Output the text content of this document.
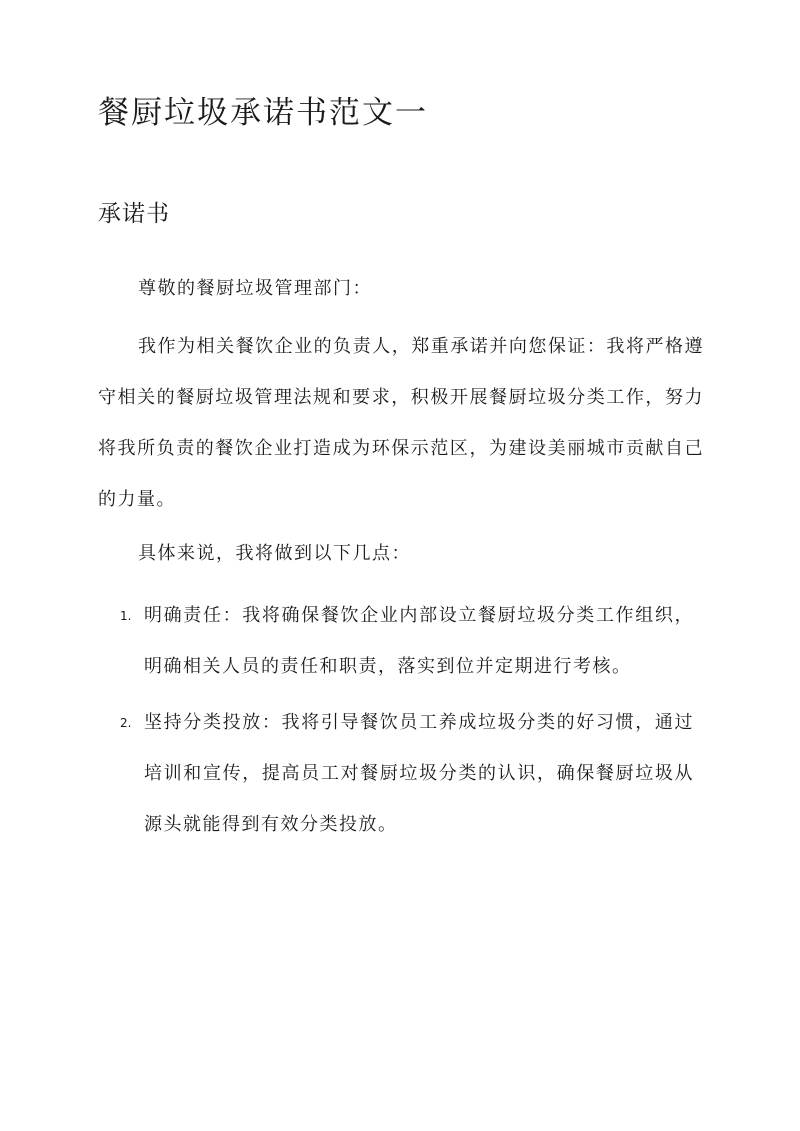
餐厨垃圾承诺书范文一
承诺书

尊敬的餐厨垃圾管理部门：

我作为相关餐饮企业的负责人，郑重承诺并向您保证：我将严格遵守相关的餐厨垃圾管理法规和要求，积极开展餐厨垃圾分类工作，努力将我所负责的餐饮企业打造成为环保示范区，为建设美丽城市贡献自己的力量。

具体来说，我将做到以下几点：

1. 明确责任：我将确保餐饮企业内部设立餐厨垃圾分类工作组织，明确相关人员的责任和职责，落实到位并定期进行考核。
2. 坚持分类投放：我将引导餐饮员工养成垃圾分类的好习惯，通过培训和宣传，提高员工对餐厨垃圾分类的认识，确保餐厨垃圾从源头就能得到有效分类投放。
